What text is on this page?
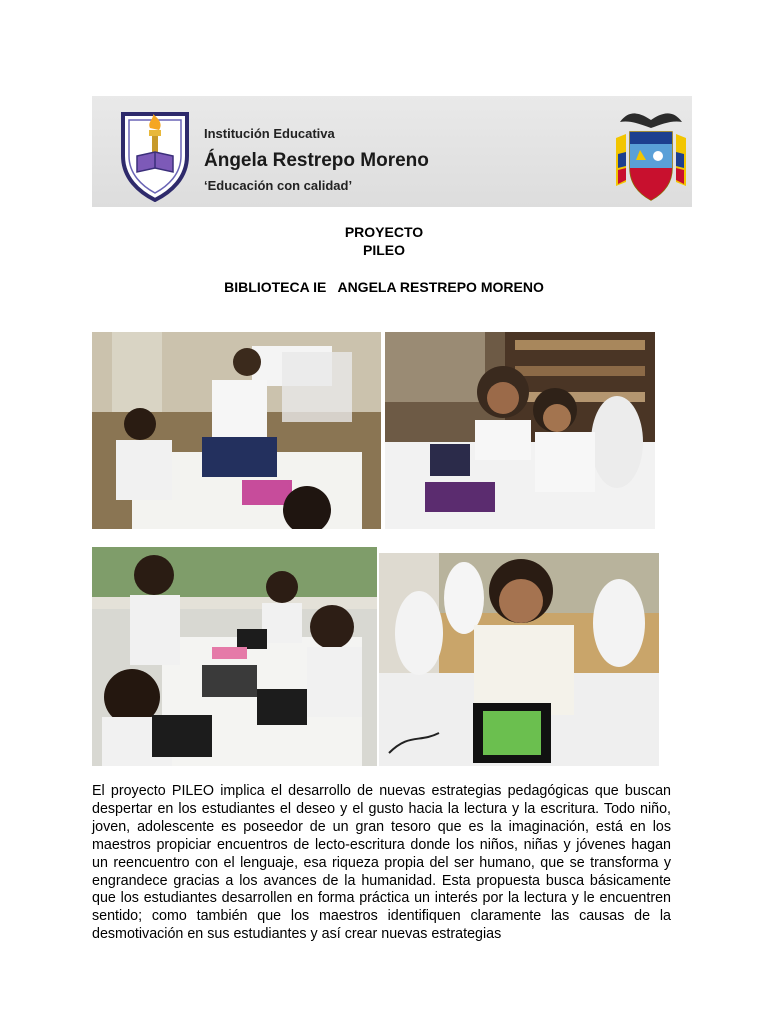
Institución Educativa
Ángela Restrepo Moreno
‘Educación con calidad’
PROYECTO
PILEO
BIBLIOTECA IE   ANGELA RESTREPO MORENO

El proyecto PILEO implica el desarrollo de nuevas estrategias pedagógicas que buscan despertar en los estudiantes el deseo y el gusto hacia la lectura y la escritura. Todo niño, joven, adolescente es poseedor de un gran tesoro que es la imaginación, está en los maestros propiciar encuentros de lecto-escritura donde los niños, niñas y jóvenes hagan un reencuentro con el lenguaje, esa riqueza propia del ser humano, que se transforma y engrandece gracias a los avances de la humanidad. Esta propuesta busca básicamente que los estudiantes desarrollen en forma práctica un interés por la lectura y le encuentren sentido; como también que los maestros identifiquen claramente las causas de la desmotivación en sus estudiantes y así crear nuevas estrategias
